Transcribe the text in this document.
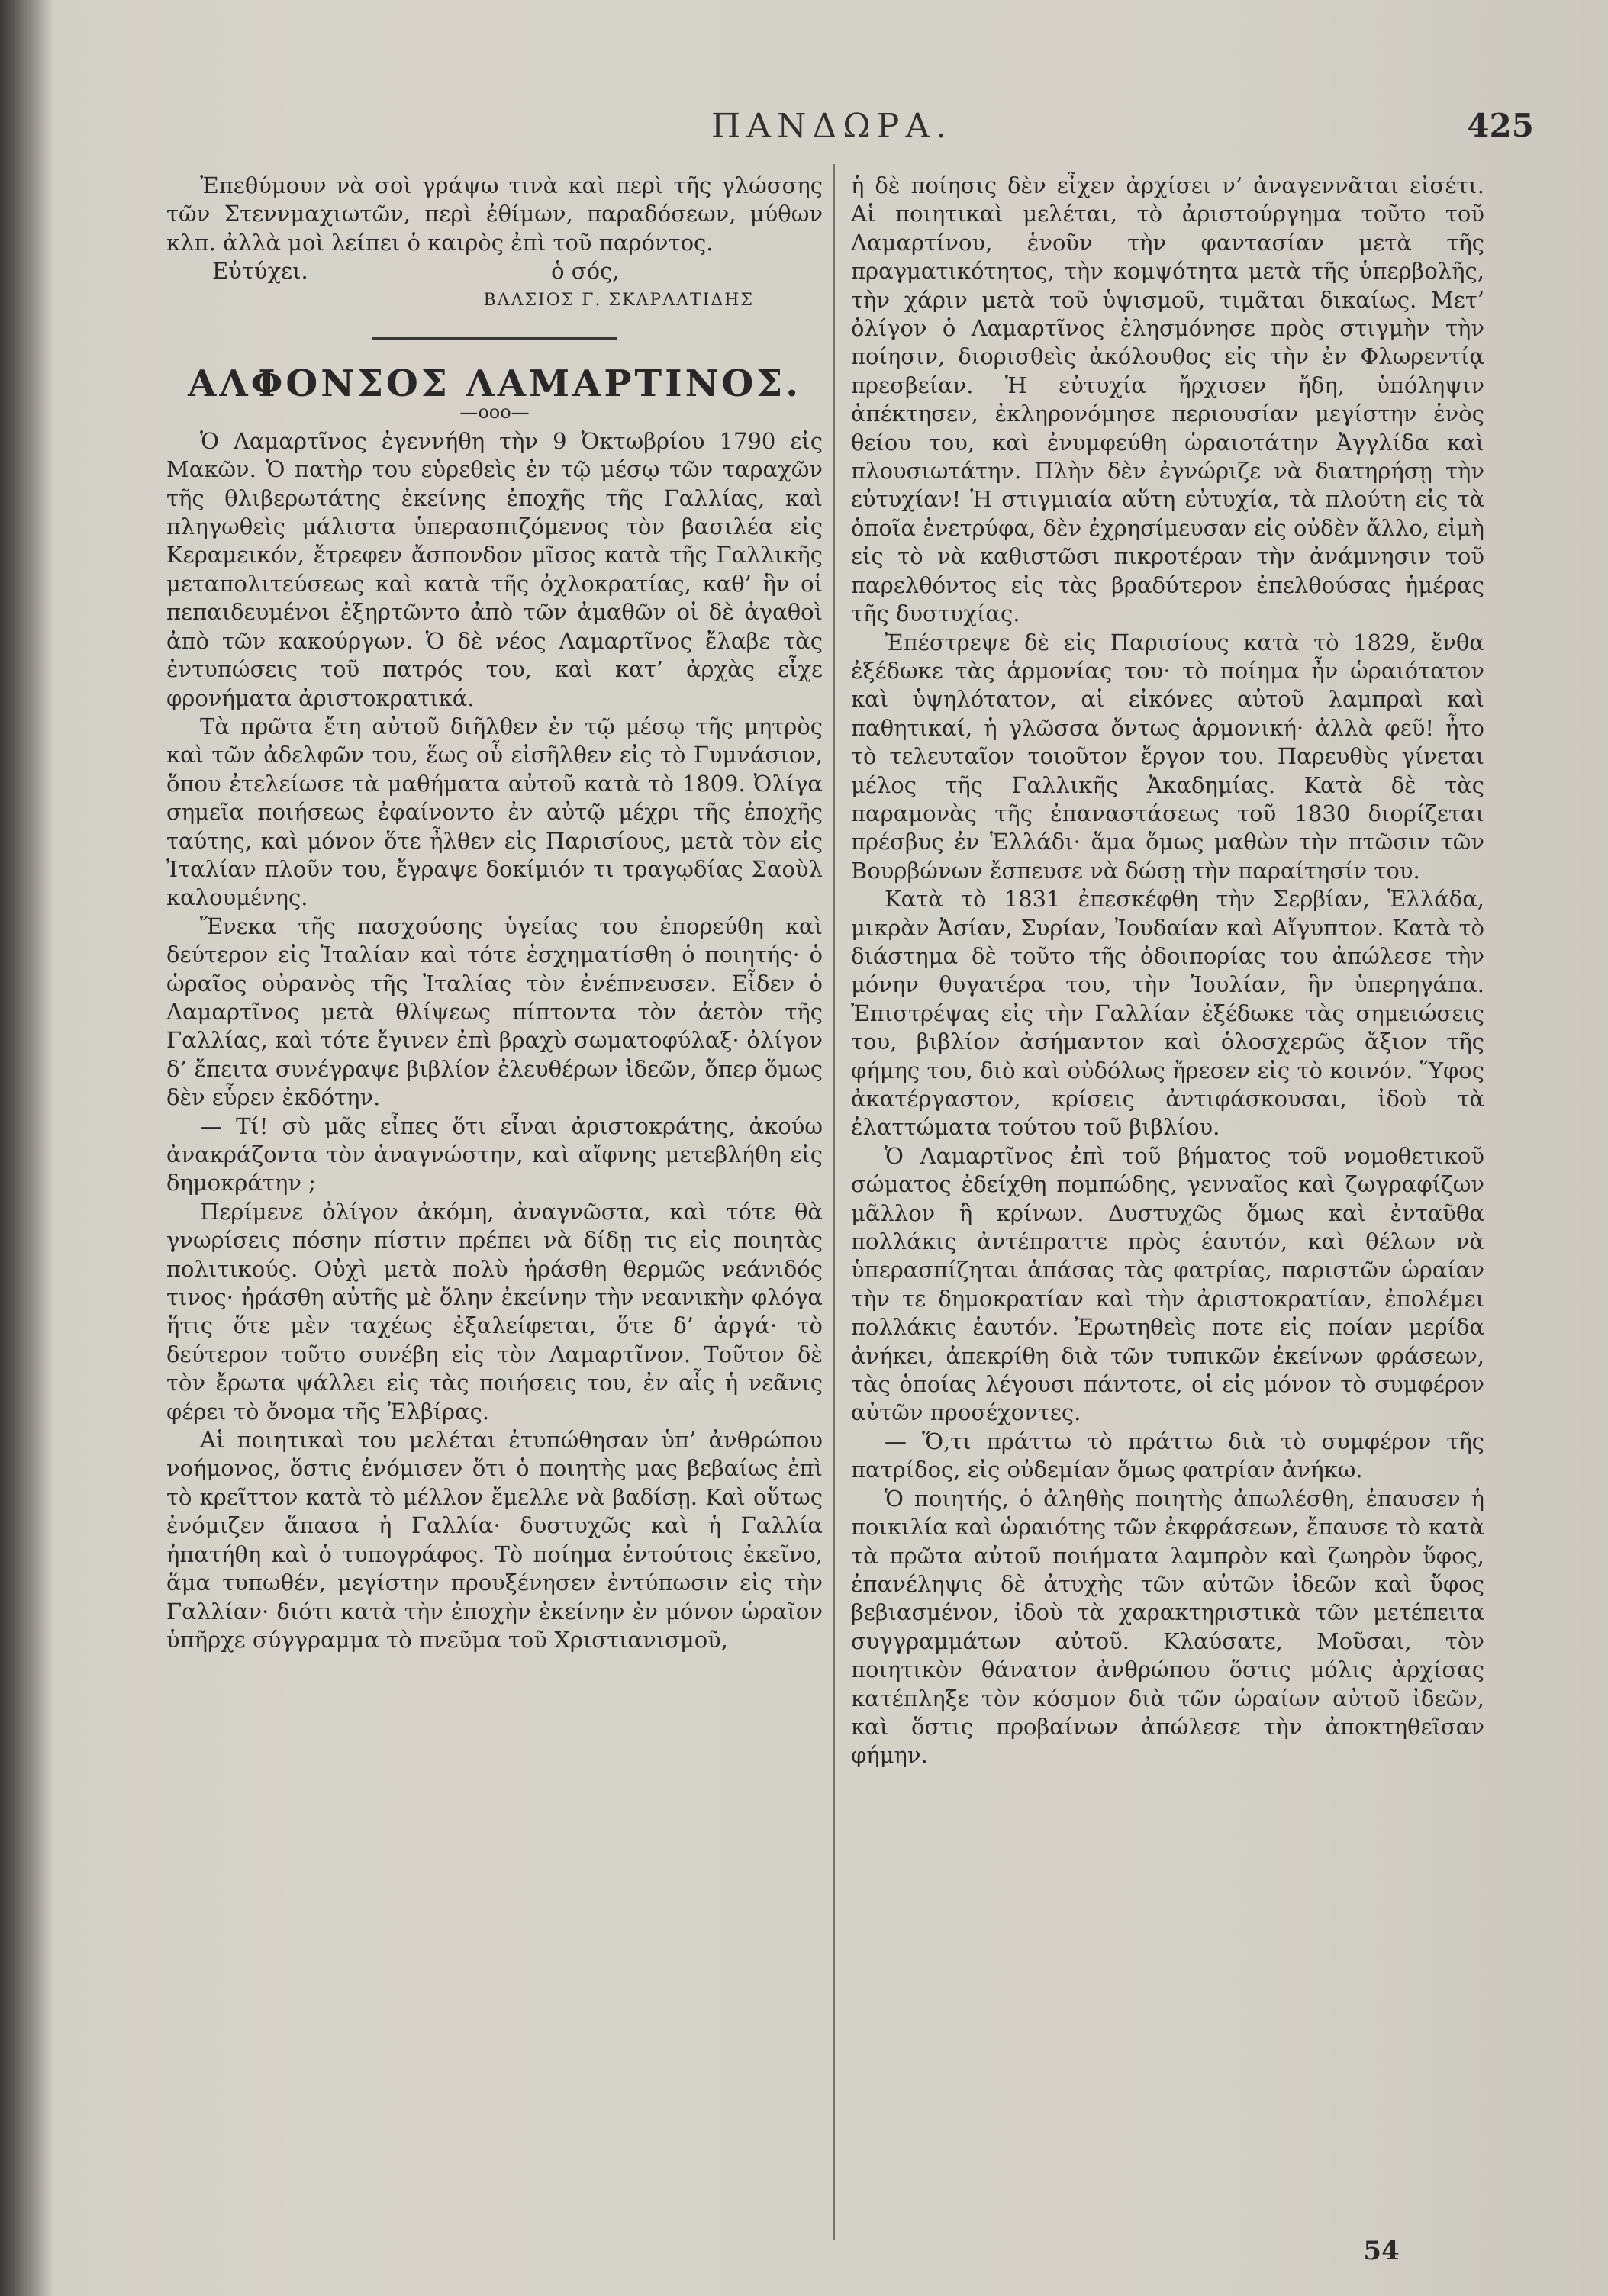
ΠΑΝΔΩΡΑ.	425

Ἐπεθύμουν νὰ σοὶ γράψω τινὰ καὶ περὶ τῆς γλώσσης τῶν Στεννμαχιωτῶν, περὶ ἐθίμων, παραδόσεων, μύθων κλπ. ἀλλὰ μοὶ λείπει ὁ καιρὸς ἐπὶ τοῦ παρόντος.

Εὐτύχει.	ὁ σός,

ΒΛΑΣΙΟΣ Γ. ΣΚΑΡΛΑΤΙΔΗΣ

ΑΛΦΟΝΣΟΣ ΛΑΜΑΡΤΙΝΟΣ.

—οοο—

Ὁ Λαμαρτῖνος ἐγεννήθη τὴν 9 Ὀκτωβρίου 1790 εἰς Μακῶν. Ὁ πατὴρ του εὑρεθεὶς ἐν τῷ μέσῳ τῶν ταραχῶν τῆς θλιβερωτάτης ἐκείνης ἐποχῆς τῆς Γαλλίας, καὶ πληγωθεὶς μάλιστα ὑπερασπιζόμενος τὸν βασιλέα εἰς Κεραμεικόν, ἔτρεφεν ἄσπονδον μῖσος κατὰ τῆς Γαλλικῆς μεταπολιτεύσεως καὶ κατὰ τῆς ὀχλοκρατίας, καθ’ ἣν οἱ πεπαιδευμένοι ἐξηρτῶντο ἀπὸ τῶν ἀμαθῶν οἱ δὲ ἀγαθοὶ ἀπὸ τῶν κακούργων. Ὁ δὲ νέος Λαμαρτῖνος ἔλαβε τὰς ἐντυπώσεις τοῦ πατρός του, καὶ κατ’ ἀρχὰς εἶχε φρονήματα ἀριστοκρατικά.

Τὰ πρῶτα ἔτη αὐτοῦ διῆλθεν ἐν τῷ μέσῳ τῆς μητρὸς καὶ τῶν ἀδελφῶν του, ἕως οὗ εἰσῆλθεν εἰς τὸ Γυμνάσιον, ὅπου ἐτελείωσε τὰ μαθήματα αὐτοῦ κατὰ τὸ 1809. Ὀλίγα σημεῖα ποιήσεως ἐφαίνοντο ἐν αὐτῷ μέχρι τῆς ἐποχῆς ταύτης, καὶ μόνον ὅτε ἦλθεν εἰς Παρισίους, μετὰ τὸν εἰς Ἰταλίαν πλοῦν του, ἔγραψε δοκίμιόν τι τραγῳδίας Σαοὺλ καλουμένης.

Ἕνεκα τῆς πασχούσης ὑγείας του ἐπορεύθη καὶ δεύτερον εἰς Ἰταλίαν καὶ τότε ἐσχηματίσθη ὁ ποιητής· ὁ ὡραῖος οὐρανὸς τῆς Ἰταλίας τὸν ἐνέπνευσεν. Εἶδεν ὁ Λαμαρτῖνος μετὰ θλίψεως πίπτοντα τὸν ἀετὸν τῆς Γαλλίας, καὶ τότε ἔγινεν ἐπὶ βραχὺ σωματοφύλαξ· ὀλίγον δ’ ἔπειτα συνέγραψε βιβλίον ἐλευθέρων ἰδεῶν, ὅπερ ὅμως δὲν εὗρεν ἐκδότην.

— Τί! σὺ μᾶς εἶπες ὅτι εἶναι ἀριστοκράτης, ἀκούω ἀνακράζοντα τὸν ἀναγνώστην, καὶ αἴφνης μετεβλήθη εἰς δημοκράτην ;

Περίμενε ὀλίγον ἀκόμη, ἀναγνῶστα, καὶ τότε θὰ γνωρίσεις πόσην πίστιν πρέπει νὰ δίδῃ τις εἰς ποιητὰς πολιτικούς. Οὐχὶ μετὰ πολὺ ἠράσθη θερμῶς νεάνιδός τινος· ἠράσθη αὐτῆς μὲ ὅλην ἐκείνην τὴν νεανικὴν φλόγα ἥτις ὅτε μὲν ταχέως ἐξαλείφεται, ὅτε δ’ ἀργά· τὸ δεύτερον τοῦτο συνέβη εἰς τὸν Λαμαρτῖνον. Τοῦτον δὲ τὸν ἔρωτα ψάλλει εἰς τὰς ποιήσεις του, ἐν αἷς ἡ νεᾶνις φέρει τὸ ὄνομα τῆς Ἐλβίρας.

Αἱ ποιητικαὶ του μελέται ἐτυπώθησαν ὑπ’ ἀνθρώπου νοήμονος, ὅστις ἐνόμισεν ὅτι ὁ ποιητὴς μας βεβαίως ἐπὶ τὸ κρεῖττον κατὰ τὸ μέλλον ἔμελλε νὰ βαδίσῃ. Καὶ οὕτως ἐνόμιζεν ἅπασα ἡ Γαλλία· δυστυχῶς καὶ ἡ Γαλλία ἠπατήθη καὶ ὁ τυπογράφος. Τὸ ποίημα ἐντούτοις ἐκεῖνο, ἅμα τυπωθέν, μεγίστην προυξένησεν ἐντύπωσιν εἰς τὴν Γαλλίαν· διότι κατὰ τὴν ἐποχὴν ἐκείνην ἐν μόνον ὡραῖον ὑπῆρχε σύγγραμμα τὸ πνεῦμα τοῦ Χριστιανισμοῦ,

ἡ δὲ ποίησις δὲν εἶχεν ἀρχίσει ν’ ἀναγεννᾶται εἰσέτι. Αἱ ποιητικαὶ μελέται, τὸ ἀριστούργημα τοῦτο τοῦ Λαμαρτίνου, ἑνοῦν τὴν φαντασίαν μετὰ τῆς πραγματικότητος, τὴν κομψότητα μετὰ τῆς ὑπερβολῆς, τὴν χάριν μετὰ τοῦ ὑψισμοῦ, τιμᾶται δικαίως. Μετ’ ὀλίγον ὁ Λαμαρτῖνος ἐλησμόνησε πρὸς στιγμὴν τὴν ποίησιν, διορισθεὶς ἀκόλουθος εἰς τὴν ἐν Φλωρεντίᾳ πρεσβείαν. Ἡ εὐτυχία ἤρχισεν ἤδη, ὑπόληψιν ἀπέκτησεν, ἐκληρονόμησε περιουσίαν μεγίστην ἑνὸς θείου του, καὶ ἐνυμφεύθη ὡραιοτάτην Ἀγγλίδα καὶ πλουσιωτάτην. Πλὴν δὲν ἐγνώριζε νὰ διατηρήσῃ τὴν εὐτυχίαν! Ἡ στιγμιαία αὕτη εὐτυχία, τὰ πλούτη εἰς τὰ ὁποῖα ἐνετρύφα, δὲν ἐχρησίμευσαν εἰς οὐδὲν ἄλλο, εἰμὴ εἰς τὸ νὰ καθιστῶσι πικροτέραν τὴν ἀνάμνησιν τοῦ παρελθόντος εἰς τὰς βραδύτερον ἐπελθούσας ἡμέρας τῆς δυστυχίας.

Ἐπέστρεψε δὲ εἰς Παρισίους κατὰ τὸ 1829, ἔνθα ἐξέδωκε τὰς ἁρμονίας του· τὸ ποίημα ἦν ὡραιότατον καὶ ὑψηλότατον, αἱ εἰκόνες αὐτοῦ λαμπραὶ καὶ παθητικαί, ἡ γλῶσσα ὄντως ἁρμονική· ἀλλὰ φεῦ! ἦτο τὸ τελευταῖον τοιοῦτον ἔργον του. Παρευθὺς γίνεται μέλος τῆς Γαλλικῆς Ἀκαδημίας. Κατὰ δὲ τὰς παραμονὰς τῆς ἐπαναστάσεως τοῦ 1830 διορίζεται πρέσβυς ἐν Ἑλλάδι· ἅμα ὅμως μαθὼν τὴν πτῶσιν τῶν Βουρβώνων ἔσπευσε νὰ δώσῃ τὴν παραίτησίν του.

Κατὰ τὸ 1831 ἐπεσκέφθη τὴν Σερβίαν, Ἑλλάδα, μικρὰν Ἀσίαν, Συρίαν, Ἰουδαίαν καὶ Αἴγυπτον. Κατὰ τὸ διάστημα δὲ τοῦτο τῆς ὁδοιπορίας του ἀπώλεσε τὴν μόνην θυγατέρα του, τὴν Ἰουλίαν, ἣν ὑπερηγάπα. Ἐπιστρέψας εἰς τὴν Γαλλίαν ἐξέδωκε τὰς σημειώσεις του, βιβλίον ἀσήμαντον καὶ ὁλοσχερῶς ἄξιον τῆς φήμης του, διὸ καὶ οὐδόλως ἤρεσεν εἰς τὸ κοινόν. Ὕφος ἀκατέργαστον, κρίσεις ἀντιφάσκουσαι, ἰδοὺ τὰ ἐλαττώματα τούτου τοῦ βιβλίου.

Ὁ Λαμαρτῖνος ἐπὶ τοῦ βήματος τοῦ νομοθετικοῦ σώματος ἐδείχθη πομπώδης, γενναῖος καὶ ζωγραφίζων μᾶλλον ἢ κρίνων. Δυστυχῶς ὅμως καὶ ἐνταῦθα πολλάκις ἀντέπραττε πρὸς ἑαυτόν, καὶ θέλων νὰ ὑπερασπίζηται ἁπάσας τὰς φατρίας, παριστῶν ὡραίαν τὴν τε δημοκρατίαν καὶ τὴν ἀριστοκρατίαν, ἐπολέμει πολλάκις ἑαυτόν. Ἐρωτηθεὶς ποτε εἰς ποίαν μερίδα ἀνήκει, ἀπεκρίθη διὰ τῶν τυπικῶν ἐκείνων φράσεων, τὰς ὁποίας λέγουσι πάντοτε, οἱ εἰς μόνον τὸ συμφέρον αὐτῶν προσέχοντες.

— Ὅ,τι πράττω τὸ πράττω διὰ τὸ συμφέρον τῆς πατρίδος, εἰς οὐδεμίαν ὅμως φατρίαν ἀνήκω.

Ὁ ποιητής, ὁ ἀληθὴς ποιητὴς ἀπωλέσθη, ἐπαυσεν ἡ ποικιλία καὶ ὡραιότης τῶν ἐκφράσεων, ἔπαυσε τὸ κατὰ τὰ πρῶτα αὐτοῦ ποιήματα λαμπρὸν καὶ ζωηρὸν ὕφος, ἐπανέληψις δὲ ἀτυχὴς τῶν αὐτῶν ἰδεῶν καὶ ὕφος βεβιασμένον, ἰδοὺ τὰ χαρακτηριστικὰ τῶν μετέπειτα συγγραμμάτων αὐτοῦ. Κλαύσατε, Μοῦσαι, τὸν ποιητικὸν θάνατον ἀνθρώπου ὅστις μόλις ἀρχίσας κατέπληξε τὸν κόσμον διὰ τῶν ὡραίων αὐτοῦ ἰδεῶν, καὶ ὅστις προβαίνων ἀπώλεσε τὴν ἀποκτηθεῖσαν φήμην.

54
